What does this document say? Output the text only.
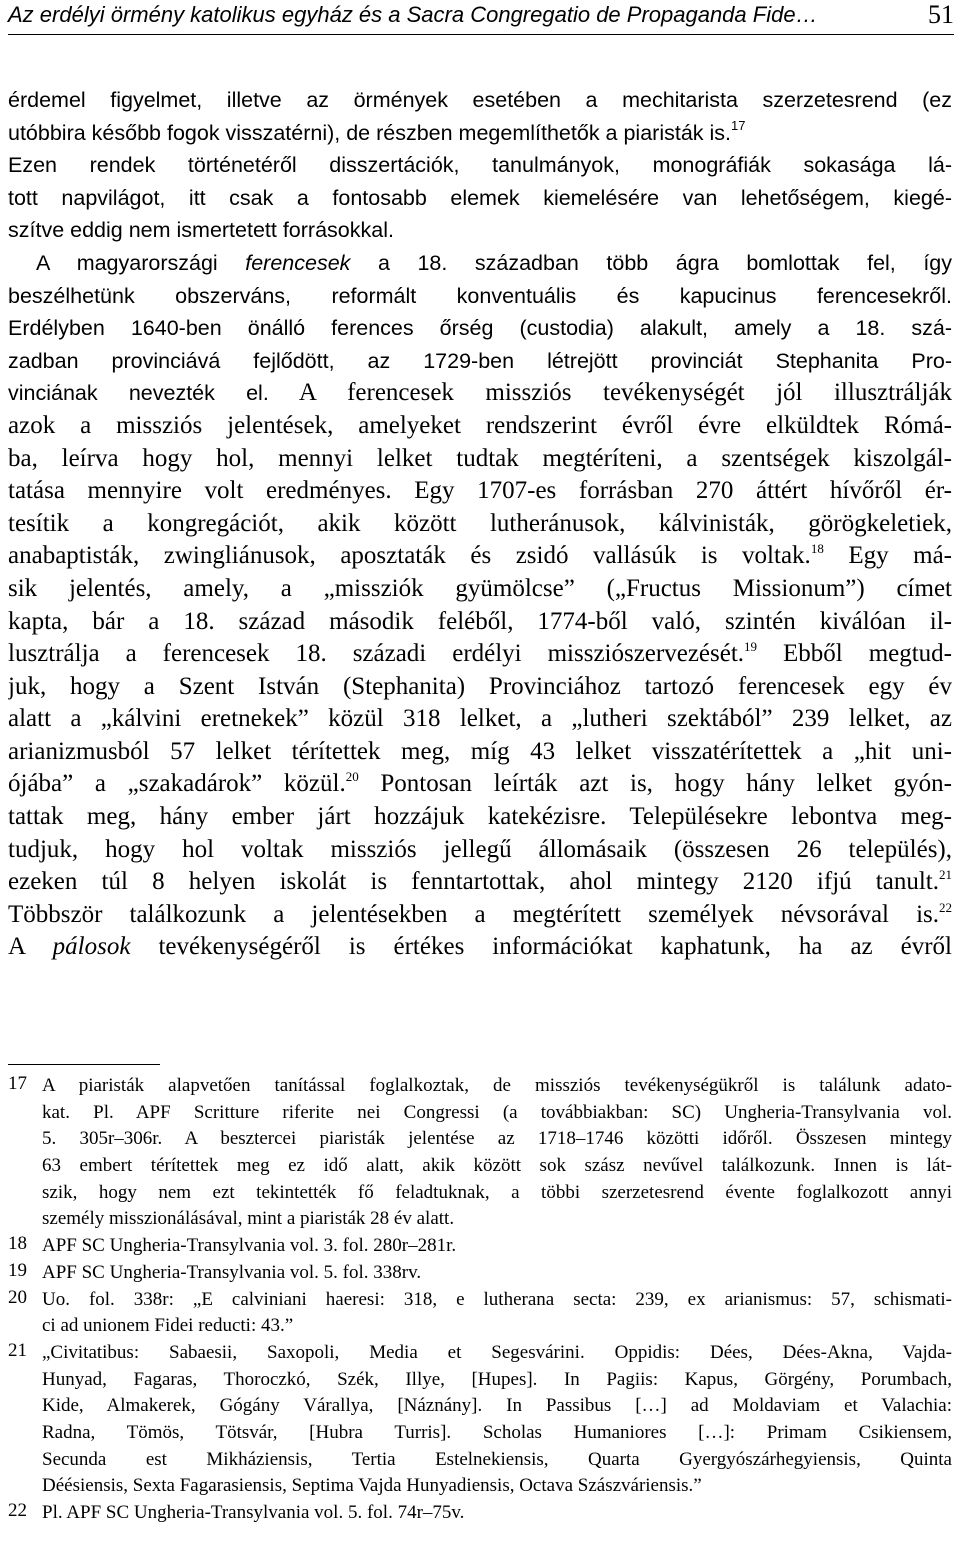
Az erdélyi örmény katolikus egyház és a Sacra Congregatio de Propaganda Fide…	51
érdemel figyelmet, illetve az örmények esetében a mechitarista szerzetesrend (ez
utóbbira később fogok visszatérni), de részben megemlíthetők a piaristák is.$^{17}$
Ezen rendek történetéről disszertációk, tanulmányok, monográfiák sokasága lá-
tott napvilágot, itt csak a fontosabb elemek kiemelésére van lehetőségem, kiegé-
szítve eddig nem ismertetett forrásokkal.
A magyarországi ferencesek a 18. században több ágra bomlottak fel, így
beszélhetünk obszerváns, reformált konventuális és kapucinus ferencesekről.
Erdélyben 1640-ben önálló ferences őrség (custodia) alakult, amely a 18. szá-
zadban provinciává fejlődött, az 1729-ben létrejött provinciát Stephanita Pro-
vinciának nevezték el. A ferencesek missziós tevékenységét jól illusztrálják
azok a missziós jelentések, amelyeket rendszerint évről évre elküldtek Rómá-
ba, leírva hogy hol, mennyi lelket tudtak megtéríteni, a szentségek kiszolgál-
tatása mennyire volt eredményes. Egy 1707-es forrásban 270 áttért hívőről ér-
tesítik a kongregációt, akik között lutheránusok, kálvinisták, görögkeletiek,
anabaptisták, zwingliánusok, aposztaták és zsidó vallásúk is voltak.$^{18}$ Egy má-
sik jelentés, amely, a „missziók gyümölcse” („Fructus Missionum”) címet
kapta, bár a 18. század második feléből, 1774-ből való, szintén kiválóan il-
lusztrálja a ferencesek 18. századi erdélyi missziószervezését.$^{19}$ Ebből megtud-
juk, hogy a Szent István (Stephanita) Provinciához tartozó ferencesek egy év
alatt a „kálvini eretnekek” közül 318 lelket, a „lutheri szektából” 239 lelket, az
arianizmusból 57 lelket térítettek meg, míg 43 lelket visszatérítettek a „hit uni-
ójába” a „szakadárok” közül.$^{20}$ Pontosan leírták azt is, hogy hány lelket gyón-
tattak meg, hány ember járt hozzájuk katekézisre. Településekre lebontva meg-
tudjuk, hogy hol voltak missziós jellegű állomásaik (összesen 26 település),
ezeken túl 8 helyen iskolát is fenntartottak, ahol mintegy 2120 ifjú tanult.$^{21}$
Többször találkozunk a jelentésekben a megtérített személyek névsorával is.$^{22}$
A pálosok tevékenységéről is értékes információkat kaphatunk, ha az évről
17 A piaristák alapvetően tanítással foglalkoztak, de missziós tevékenységükről is találunk adato-
kat. Pl. APF Scritture riferite nei Congressi (a továbbiakban: SC) Ungheria-Transylvania vol.
5. 305r–306r. A besztercei piaristák jelentése az 1718–1746 közötti időről. Összesen mintegy
63 embert térítettek meg ez idő alatt, akik között sok szász nevűvel találkozunk. Innen is lát-
szik, hogy nem ezt tekintették fő feladtuknak, a többi szerzetesrend évente foglalkozott annyi
személy misszionálásával, mint a piaristák 28 év alatt.
18 APF SC Ungheria-Transylvania vol. 3. fol. 280r–281r.
19 APF SC Ungheria-Transylvania vol. 5. fol. 338rv.
20 Uo. fol. 338r: „E calviniani haeresi: 318, e lutherana secta: 239, ex arianismus: 57, schismati-
ci ad unionem Fidei reducti: 43.”
21 „Civitatibus: Sabaesii, Saxopoli, Media et Segesvárini. Oppidis: Dées, Dées-Akna, Vajda-
Hunyad, Fagaras, Thoroczkó, Szék, Illye, [Hupes]. In Pagiis: Kapus, Görgény, Porumbach,
Kide, Almakerek, Gógány Várallya, [Náznány]. In Passibus […] ad Moldaviam et Valachia:
Radna, Tömös, Tötsvár, [Hubra Turris]. Scholas Humaniores […]: Primam Csikiensem,
Secunda est Mikháziensis, Tertia Estelnekiensis, Quarta Gyergyószárhegyiensis, Quinta
Déésiensis, Sexta Fagarasiensis, Septima Vajda Hunyadiensis, Octava Szászváriensis.”
22 Pl. APF SC Ungheria-Transylvania vol. 5. fol. 74r–75v.
